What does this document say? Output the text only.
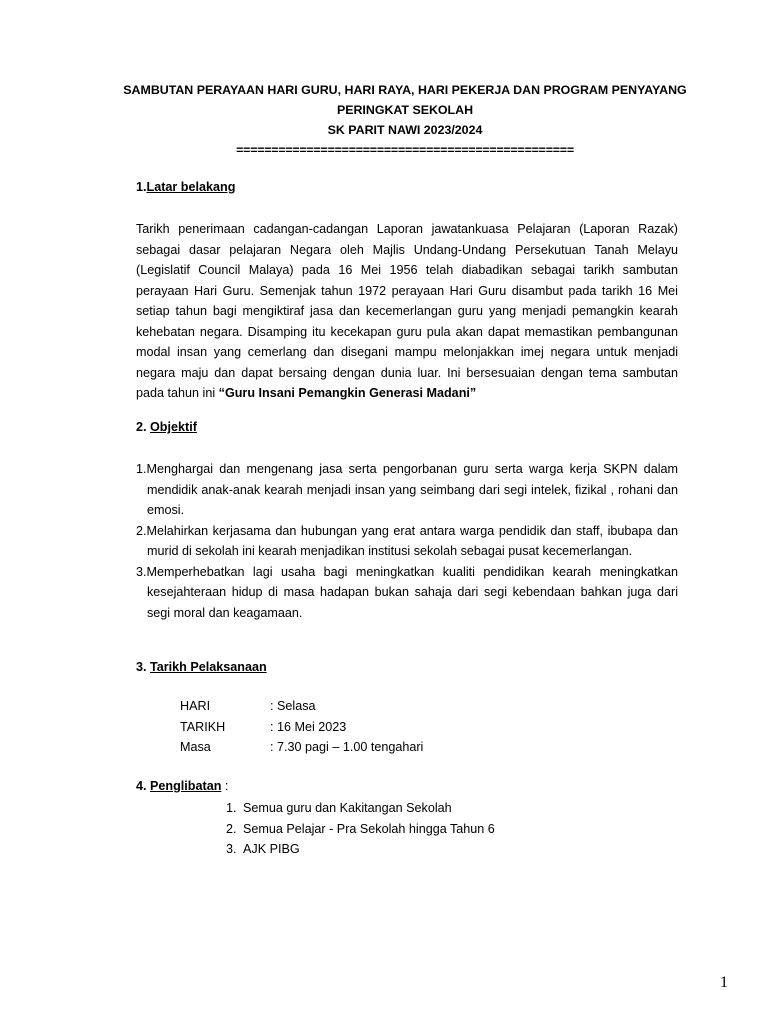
SAMBUTAN PERAYAAN HARI GURU, HARI RAYA, HARI PEKERJA DAN PROGRAM PENYAYANG
PERINGKAT SEKOLAH
SK PARIT NAWI 2023/2024
================================================
1.Latar belakang
Tarikh penerimaan cadangan-cadangan Laporan jawatankuasa Pelajaran (Laporan Razak) sebagai dasar pelajaran Negara oleh Majlis Undang-Undang Persekutuan Tanah Melayu (Legislatif Council Malaya) pada 16 Mei 1956 telah diabadikan sebagai tarikh sambutan perayaan Hari Guru. Semenjak tahun 1972 perayaan Hari Guru disambut pada tarikh 16 Mei setiap tahun bagi mengiktiraf jasa dan kecemerlangan guru yang menjadi pemangkin kearah kehebatan negara. Disamping itu kecekapan guru pula akan dapat memastikan pembangunan modal insan yang cemerlang dan disegani mampu melonjakkan imej negara untuk menjadi negara maju dan dapat bersaing dengan dunia luar. Ini bersesuaian dengan tema sambutan pada tahun ini “Guru Insani Pemangkin Generasi Madani”
2. Objektif
1.Menghargai dan mengenang jasa serta pengorbanan guru serta warga kerja SKPN dalam mendidik anak-anak kearah menjadi insan yang seimbang dari segi intelek, fizikal , rohani dan emosi.
2.Melahirkan kerjasama dan hubungan yang erat antara warga pendidik dan staff, ibubapa dan murid di sekolah ini kearah menjadikan institusi sekolah sebagai pusat kecemerlangan.
3.Memperhebatkan lagi usaha bagi meningkatkan kualiti pendidikan kearah meningkatkan kesejahteraan hidup di masa hadapan bukan sahaja dari segi kebendaan bahkan juga dari segi moral dan keagamaan.
3. Tarikh Pelaksanaan
HARI	: Selasa
TARIKH	: 16 Mei 2023
Masa	: 7.30 pagi – 1.00 tengahari
4. Penglibatan :
1. Semua guru dan Kakitangan Sekolah
2. Semua Pelajar - Pra Sekolah hingga Tahun 6
3. AJK PIBG
1
